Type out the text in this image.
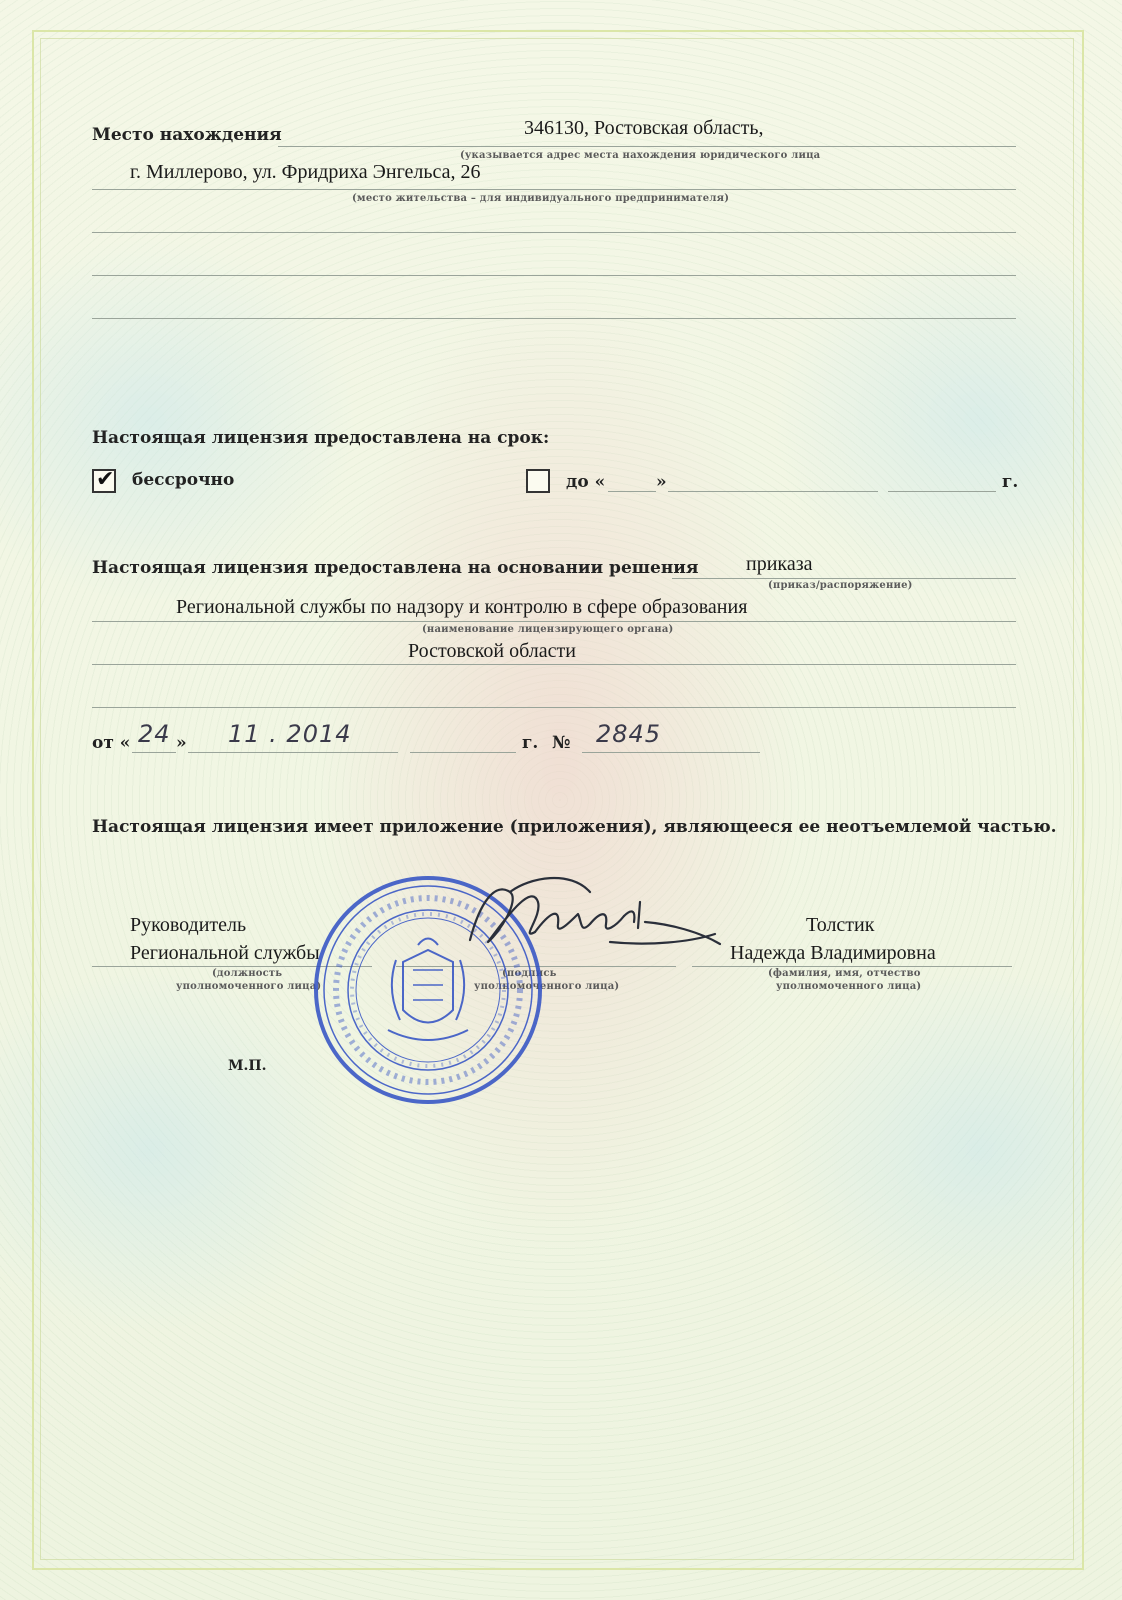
Место нахождения	346130, Ростовская область,
(указывается адрес места нахождения юридического лица
г. Миллерово, ул. Фридриха Энгельса, 26
(место жительства – для индивидуального предпринимателя)
Настоящая лицензия предоставлена на срок:
✔ бессрочно	до «	»	г.
Настоящая лицензия предоставлена на основании решения приказа
(приказ/распоряжение)
Региональной службы по надзору и контролю в сфере образования
(наименование лицензирующего органа)
Ростовской области
от « 24 » 11 . 2014	г. № 2845
Настоящая лицензия имеет приложение (приложения), являющееся ее неотъемлемой частью.
Руководитель
Региональной службы
(должность
уполномоченного лица)
(подпись
уполномоченного лица)
Толстик
Надежда Владимировна
(фамилия, имя, отчество
уполномоченного лица)
М.П.
